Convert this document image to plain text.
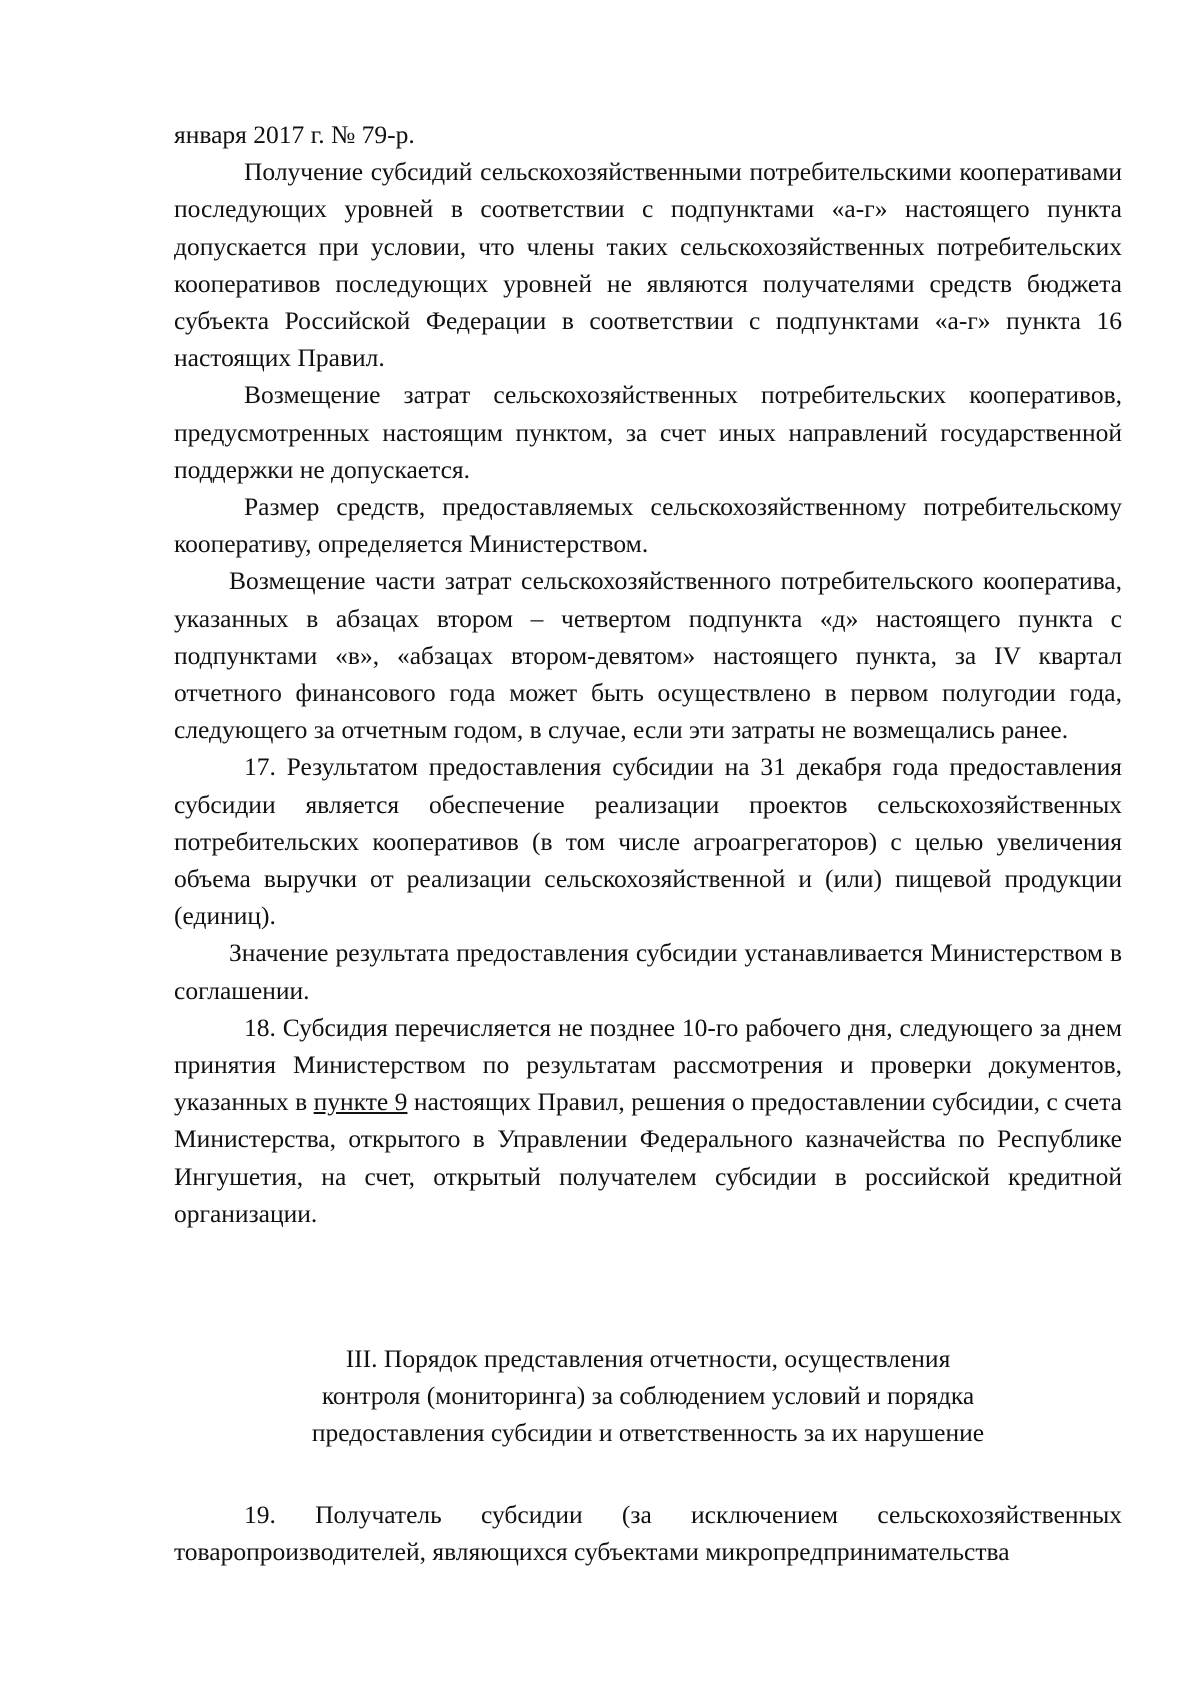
января 2017 г. № 79-р.

Получение субсидий сельскохозяйственными потребительскими кооперативами последующих уровней в соответствии с подпунктами «а-г» настоящего пункта допускается при условии, что члены таких сельскохозяйственных потребительских кооперативов последующих уровней не являются получателями средств бюджета субъекта Российской Федерации в соответствии с подпунктами «а-г» пункта 16 настоящих Правил.

Возмещение затрат сельскохозяйственных потребительских кооперативов, предусмотренных настоящим пунктом, за счет иных направлений государственной поддержки не допускается.

Размер средств, предоставляемых сельскохозяйственному потребительскому кооперативу, определяется Министерством.

Возмещение части затрат сельскохозяйственного потребительского кооператива, указанных в абзацах втором – четвертом подпункта «д» настоящего пункта с подпунктами «в», «абзацах втором-девятом» настоящего пункта, за IV квартал отчетного финансового года может быть осуществлено в первом полугодии года, следующего за отчетным годом, в случае, если эти затраты не возмещались ранее.

17. Результатом предоставления субсидии на 31 декабря года предоставления субсидии является обеспечение реализации проектов сельскохозяйственных потребительских кооперативов (в том числе агроагрегаторов) с целью увеличения объема выручки от реализации сельскохозяйственной и (или) пищевой продукции (единиц).

Значение результата предоставления субсидии устанавливается Министерством в соглашении.

18. Субсидия перечисляется не позднее 10-го рабочего дня, следующего за днем принятия Министерством по результатам рассмотрения и проверки документов, указанных в пункте 9 настоящих Правил, решения о предоставлении субсидии, с счета Министерства, открытого в Управлении Федерального казначейства по Республике Ингушетия, на счет, открытый получателем субсидии в российской кредитной организации.

III. Порядок представления отчетности, осуществления
контроля (мониторинга) за соблюдением условий и порядка
предоставления субсидии и ответственность за их нарушение

19. Получатель субсидии (за исключением сельскохозяйственных товаропроизводителей, являющихся субъектами микропредпринимательства
